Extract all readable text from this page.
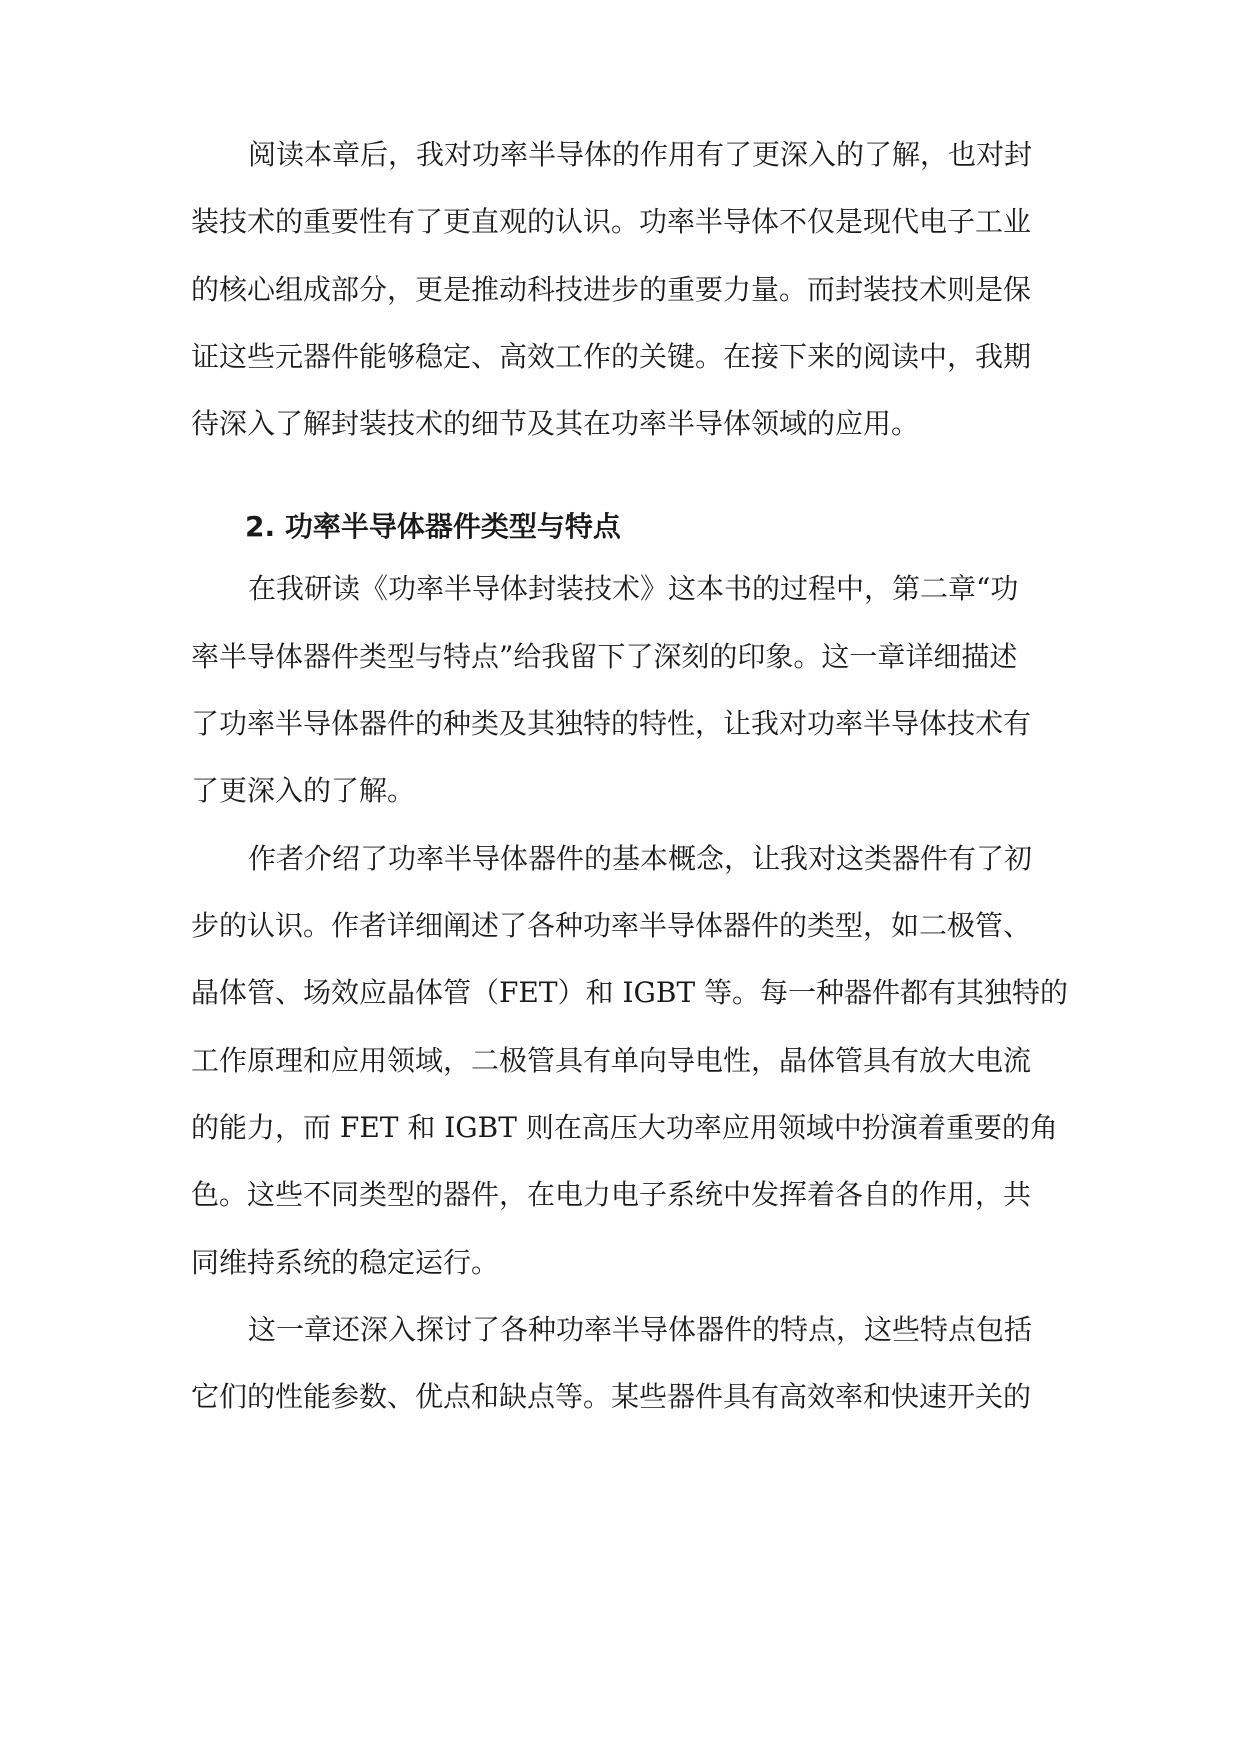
阅读本章后，我对功率半导体的作用有了更深入的了解，也对封

装技术的重要性有了更直观的认识。功率半导体不仅是现代电子工业

的核心组成部分，更是推动科技进步的重要力量。而封装技术则是保

证这些元器件能够稳定、高效工作的关键。在接下来的阅读中，我期

待深入了解封装技术的细节及其在功率半导体领域的应用。

2. 功率半导体器件类型与特点

在我研读《功率半导体封装技术》这本书的过程中，第二章“功

率半导体器件类型与特点”给我留下了深刻的印象。这一章详细描述

了功率半导体器件的种类及其独特的特性，让我对功率半导体技术有

了更深入的了解。

作者介绍了功率半导体器件的基本概念，让我对这类器件有了初

步的认识。作者详细阐述了各种功率半导体器件的类型，如二极管、

晶体管、场效应晶体管（FET）和 IGBT 等。每一种器件都有其独特的

工作原理和应用领域，二极管具有单向导电性，晶体管具有放大电流

的能力，而 FET 和 IGBT 则在高压大功率应用领域中扮演着重要的角

色。这些不同类型的器件，在电力电子系统中发挥着各自的作用，共

同维持系统的稳定运行。

这一章还深入探讨了各种功率半导体器件的特点，这些特点包括

它们的性能参数、优点和缺点等。某些器件具有高效率和快速开关的
